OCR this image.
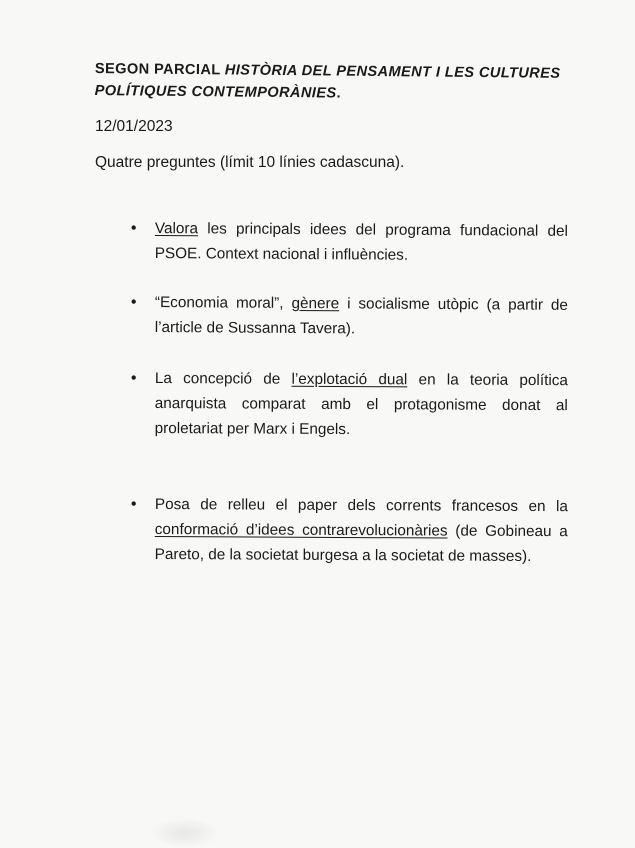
SEGON PARCIAL HISTÒRIA DEL PENSAMENT I LES CULTURES POLÍTIQUES CONTEMPORÀNIES.
12/01/2023
Quatre preguntes (límit 10 línies cadascuna).
• Valora les principals idees del programa fundacional del PSOE. Context nacional i influències.
• “Economia moral”, gènere i socialisme utòpic (a partir de l’article de Sussanna Tavera).
• La concepció de l’explotació dual en la teoria política anarquista comparat amb el protagonisme donat al proletariat per Marx i Engels.
• Posa de relleu el paper dels corrents francesos en la conformació d’idees contrarevolucionàries (de Gobineau a Pareto, de la societat burgesa a la societat de masses).
